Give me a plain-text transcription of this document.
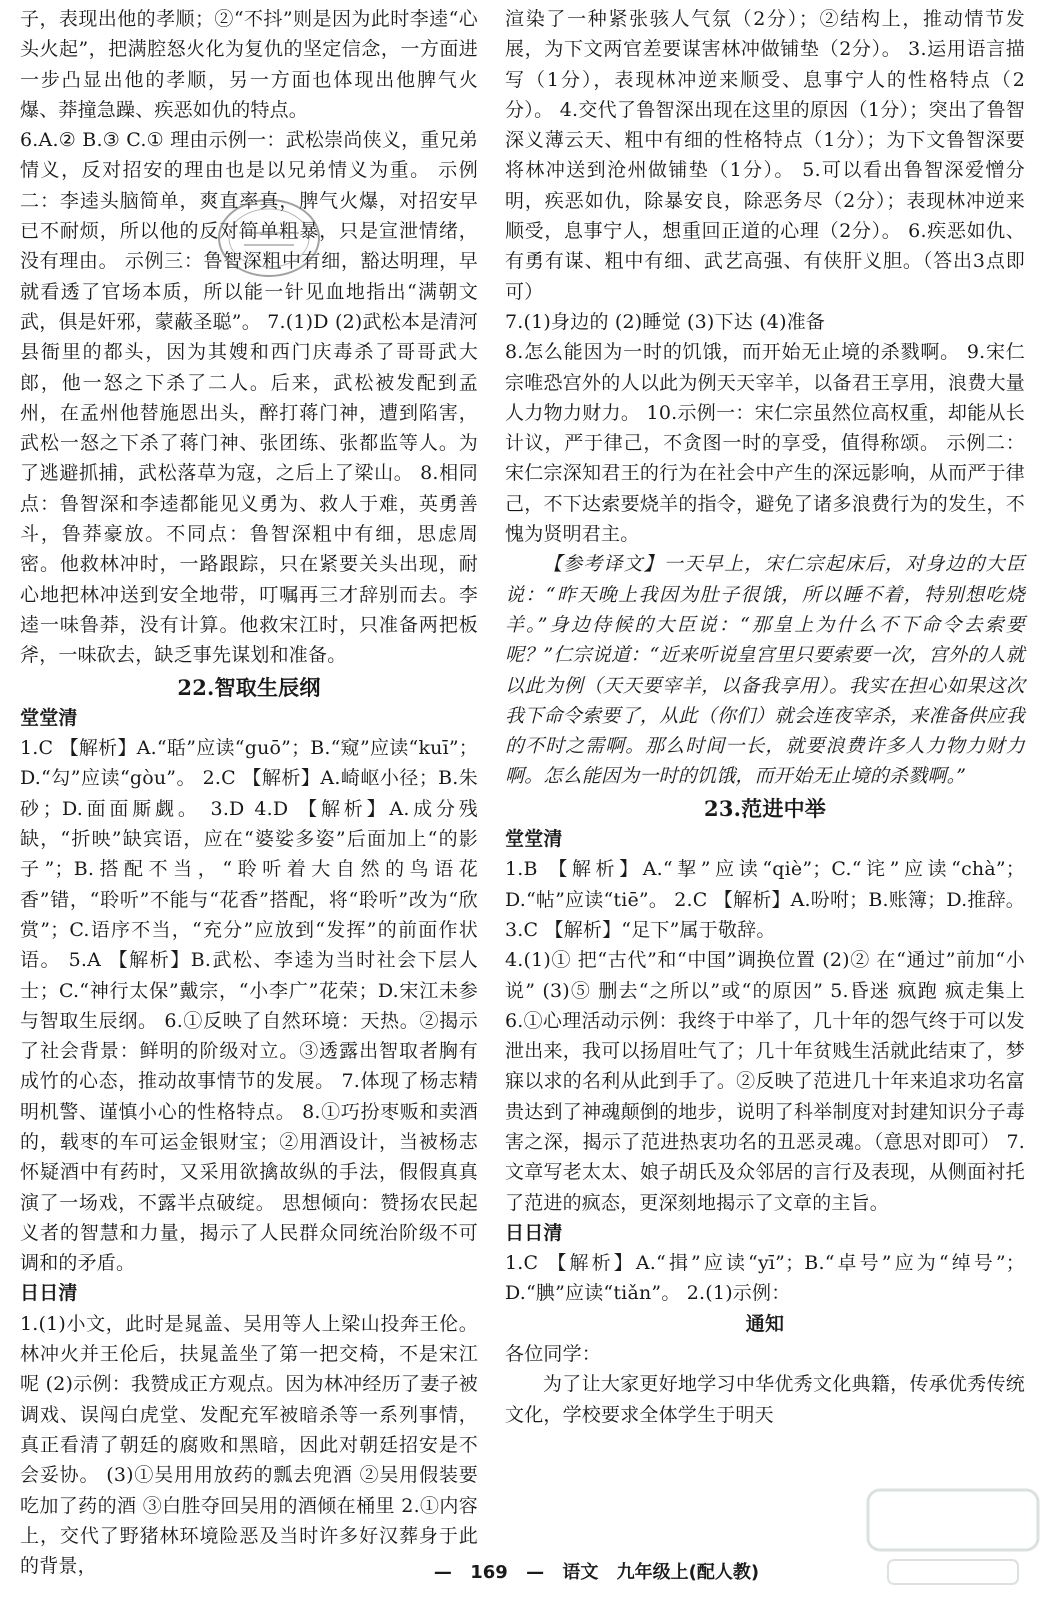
子，表现出他的孝顺；②“不抖”则是因为此时李逵“心头火起”，把满腔怒火化为复仇的坚定信念，一方面进一步凸显出他的孝顺，另一方面也体现出他脾气火爆、莽撞急躁、疾恶如仇的特点。

6.A.② B.③ C.① 理由示例一：武松崇尚侠义，重兄弟情义，反对招安的理由也是以兄弟情义为重。 示例二：李逵头脑简单，爽直率真，脾气火爆，对招安早已不耐烦，所以他的反对简单粗暴，只是宣泄情绪，没有理由。 示例三：鲁智深粗中有细，豁达明理，早就看透了官场本质，所以能一针见血地指出“满朝文武，俱是奸邪，蒙蔽圣聪”。 7.(1)D (2)武松本是清河县衙里的都头，因为其嫂和西门庆毒杀了哥哥武大郎，他一怒之下杀了二人。后来，武松被发配到孟州，在孟州他替施恩出头，醉打蒋门神，遭到陷害，武松一怒之下杀了蒋门神、张团练、张都监等人。为了逃避抓捕，武松落草为寇，之后上了梁山。 8.相同点：鲁智深和李逵都能见义勇为、救人于难，英勇善斗，鲁莽豪放。不同点：鲁智深粗中有细，思虑周密。他救林冲时，一路跟踪，只在紧要关头出现，耐心地把林冲送到安全地带，叮嘱再三才辞别而去。李逵一味鲁莽，没有计算。他救宋江时，只准备两把板斧，一味砍去，缺乏事先谋划和准备。

22.智取生辰纲
堂堂清

1.C 【解析】A.“聒”应读“guō”；B.“窥”应读“kuī”；D.“勾”应读“gòu”。 2.C 【解析】A.崎岖小径；B.朱砂；D.面面厮觑。 3.D 4.D 【解析】A.成分残缺，“折映”缺宾语，应在“婆娑多姿”后面加上“的影子”；B.搭配不当，“聆听着大自然的鸟语花香”错，“聆听”不能与“花香”搭配，将“聆听”改为“欣赏”；C.语序不当，“充分”应放到“发挥”的前面作状语。 5.A 【解析】B.武松、李逵为当时社会下层人士；C.“神行太保”戴宗，“小李广”花荣；D.宋江未参与智取生辰纲。 6.①反映了自然环境：天热。②揭示了社会背景：鲜明的阶级对立。③透露出智取者胸有成竹的心态，推动故事情节的发展。 7.体现了杨志精明机警、谨慎小心的性格特点。 8.①巧扮枣贩和卖酒的，载枣的车可运金银财宝；②用酒设计，当被杨志怀疑酒中有药时，又采用欲擒故纵的手法，假假真真演了一场戏，不露半点破绽。 思想倾向：赞扬农民起义者的智慧和力量，揭示了人民群众同统治阶级不可调和的矛盾。

日日清

1.(1)小文，此时是晁盖、吴用等人上梁山投奔王伦。林冲火并王伦后，扶晁盖坐了第一把交椅，不是宋江呢 (2)示例：我赞成正方观点。因为林冲经历了妻子被调戏、误闯白虎堂、发配充军被暗杀等一系列事情，真正看清了朝廷的腐败和黑暗，因此对朝廷招安是不会妥协。 (3)①吴用用放药的瓢去兜酒 ②吴用假装要吃加了药的酒 ③白胜夺回吴用的酒倾在桶里 2.①内容上，交代了野猪林环境险恶及当时许多好汉葬身于此的背景，

渲染了一种紧张骇人气氛（2分）；②结构上，推动情节发展，为下文两官差要谋害林冲做铺垫（2分）。 3.运用语言描写（1分），表现林冲逆来顺受、息事宁人的性格特点（2分）。 4.交代了鲁智深出现在这里的原因（1分）；突出了鲁智深义薄云天、粗中有细的性格特点（1分）；为下文鲁智深要将林冲送到沧州做铺垫（1分）。 5.可以看出鲁智深爱憎分明，疾恶如仇，除暴安良，除恶务尽（2分）；表现林冲逆来顺受，息事宁人，想重回正道的心理（2分）。 6.疾恶如仇、有勇有谋、粗中有细、武艺高强、有侠肝义胆。（答出3点即可）

7.(1)身边的 (2)睡觉 (3)下达 (4)准备

8.怎么能因为一时的饥饿，而开始无止境的杀戮啊。 9.宋仁宗唯恐宫外的人以此为例天天宰羊，以备君王享用，浪费大量人力物力财力。 10.示例一：宋仁宗虽然位高权重，却能从长计议，严于律己，不贪图一时的享受，值得称颂。 示例二：宋仁宗深知君王的行为在社会中产生的深远影响，从而严于律己，不下达索要烧羊的指令，避免了诸多浪费行为的发生，不愧为贤明君主。

【参考译文】一天早上，宋仁宗起床后，对身边的大臣说：“昨天晚上我因为肚子很饿，所以睡不着，特别想吃烧羊。”身边侍候的大臣说：“那皇上为什么不下命令去索要呢？”仁宗说道：“近来听说皇宫里只要索要一次，宫外的人就以此为例（天天要宰羊，以备我享用）。我实在担心如果这次我下命令索要了，从此（你们）就会连夜宰杀，来准备供应我的不时之需啊。那么时间一长，就要浪费许多人力物力财力啊。怎么能因为一时的饥饿，而开始无止境的杀戮啊。”

23.范进中举
堂堂清

1.B 【解析】A.“挈”应读“qiè”；C.“诧”应读“chà”；D.“帖”应读“tiē”。 2.C 【解析】A.吩咐；B.账簿；D.推辞。 3.C 【解析】“足下”属于敬辞。

4.(1)① 把“古代”和“中国”调换位置 (2)② 在“通过”前加“小说” (3)⑤ 删去“之所以”或“的原因” 5.昏迷 疯跑 疯走集上 6.①心理活动示例：我终于中举了，几十年的怨气终于可以发泄出来，我可以扬眉吐气了；几十年贫贱生活就此结束了，梦寐以求的名利从此到手了。②反映了范进几十年来追求功名富贵达到了神魂颠倒的地步，说明了科举制度对封建知识分子毒害之深，揭示了范进热衷功名的丑恶灵魂。（意思对即可） 7.文章写老太太、娘子胡氏及众邻居的言行及表现，从侧面衬托了范进的疯态，更深刻地揭示了文章的主旨。

日日清

1.C 【解析】A.“揖”应读“yī”；B.“卓号”应为“绰号”；D.“腆”应读“tiǎn”。 2.(1)示例：

通知

各位同学：

为了让大家更好地学习中华优秀文化典籍，传承优秀传统文化，学校要求全体学生于明天

— 169 — 语文 九年级上(配人教)
